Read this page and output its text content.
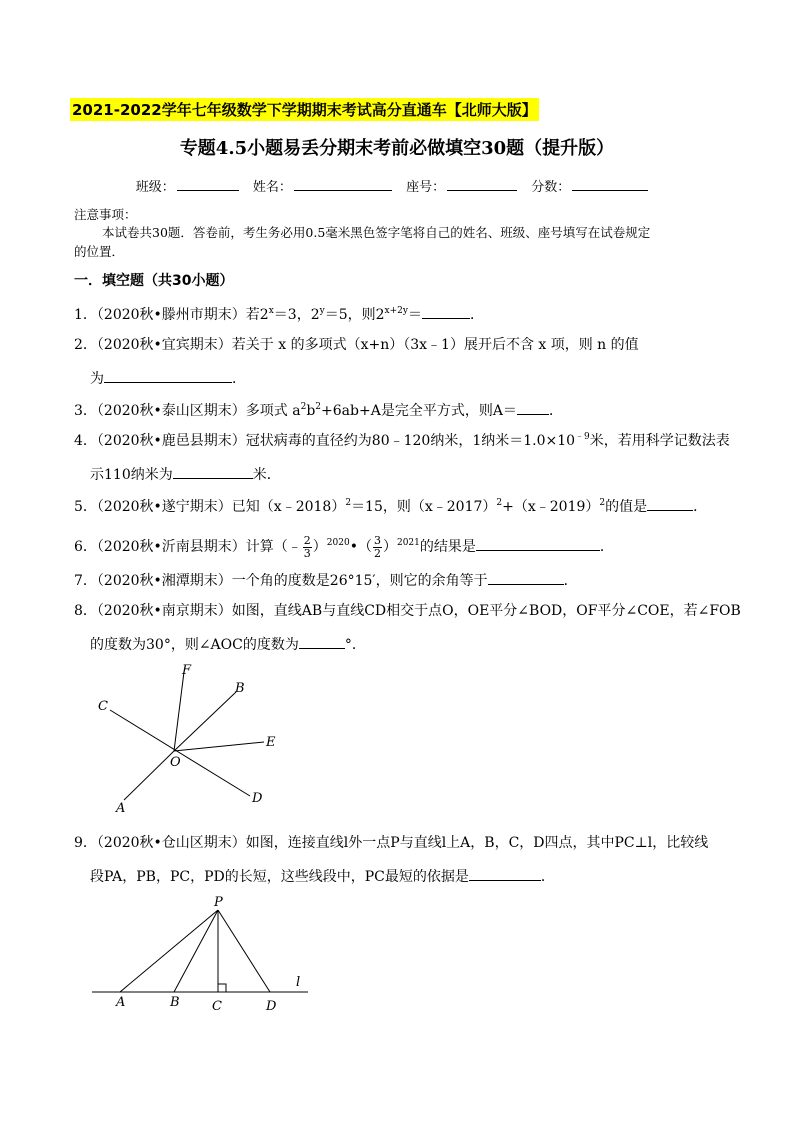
2021-2022学年七年级数学下学期期末考试高分直通车【北师大版】
专题4.5小题易丢分期末考前必做填空30题（提升版）
班级：	姓名：	座号：	分数：
注意事项：
本试卷共30题．答卷前，考生务必用0.5毫米黑色签字笔将自己的姓名、班级、座号填写在试卷规定
的位置．
一．填空题（共30小题）
1．（2020秋•滕州市期末）若$2^x=3$，$2^y=5$，则$2^{x+2y}=$	．
2．（2020秋•宜宾期末）若关于 x 的多项式（x+n）（3x﹣1）展开后不含 x 项，则 n 的值
为	．
3．（2020秋•泰山区期末）多项式 $a^2b^2+6ab+A$是完全平方式，则A＝ ．
4．（2020秋•鹿邑县期末）冠状病毒的直径约为80﹣120纳米，1纳米$=1.0\times 10^{﹣9}$米，若用科学记数法表
示110纳米为	米．
5．（2020秋•遂宁期末）已知（x﹣2018）$^2$＝15，则（x﹣2017）$^2$+（x﹣2019）$^2$的值是	．
6．（2020秋•沂南县期末）计算（﹣ $\frac{2}{3}$ ）$^{2020}$•（ $\frac{3}{2} )^{2021}$的结果是	．
7．（2020秋•湘潭期末）一个角的度数是26°15′，则它的余角等于	．
8．（2020秋•南京期末）如图，直线AB与直线CD相交于点O，OE平分∠BOD，OF平分∠COE，若∠FOB
的度数为30°，则∠AOC的度数为	°．
F
B
C
E
O
D
A
9．（2020秋•仓山区期末）如图，连接直线l外一点P与直线l上A，B，C，D四点，其中PC⊥l，比较线
段PA，PB，PC，PD的长短，这些线段中，PC最短的依据是	．
P
A	B C	D
l
